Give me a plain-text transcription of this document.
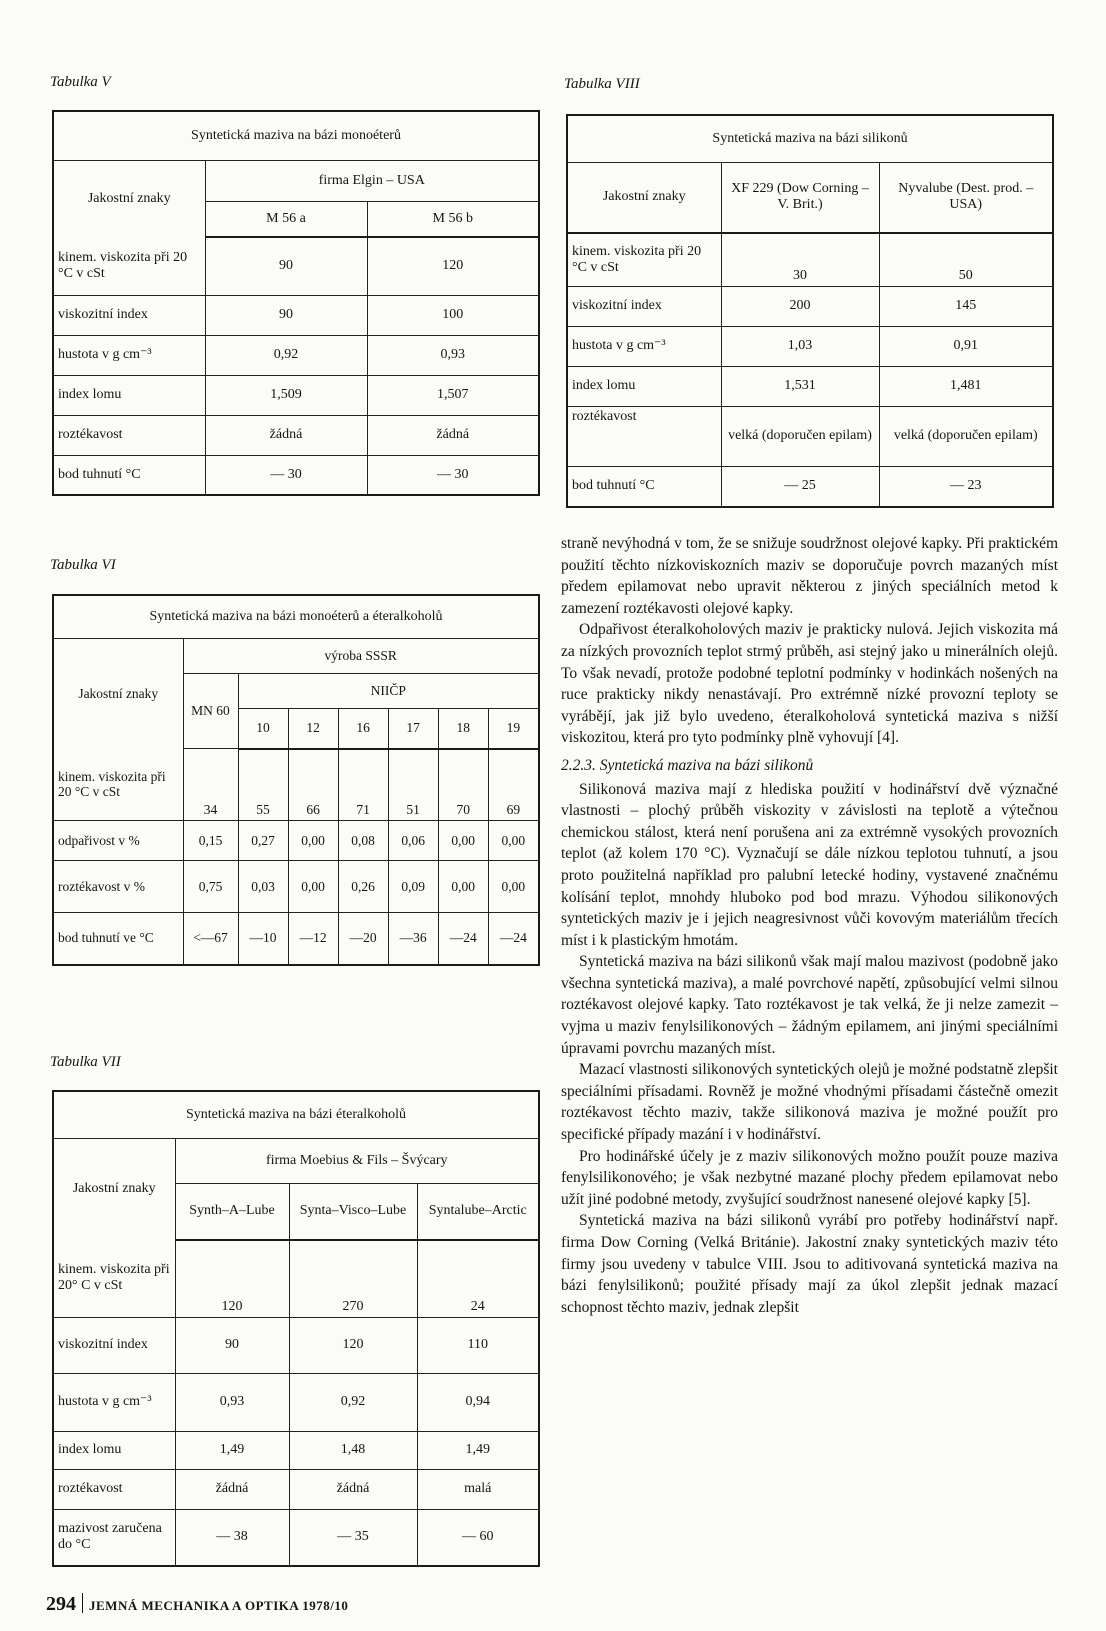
Tabulka V
Syntetická maziva na bázi monoéterů		
Jakostní znaky	firma Elgin – USA	
	M 56 a	M 56 b
kinem. viskozita při 20 °C v cSt	90	120
viskozitní index	90	100
hustota v g cm⁻³	0,92	0,93
index lomu	1,509	1,507
roztékavost	žádná	žádná
bod tuhnutí °C	— 30	— 30
Tabulka VI
Syntetická maziva na bázi monoéterů a éteralkoholů							
Jakostní znaky	výroba SSSR						
	MN 60	NIIČP					
		10	12	16	17	18	19
kinem. viskozita při 20 °C v cSt	34	55	66	71	51	70	69
odpařivost v %	0,15	0,27	0,00	0,08	0,06	0,00	0,00
roztékavost v %	0,75	0,03	0,00	0,26	0,09	0,00	0,00
bod tuhnutí ve °C	<—67	—10	—12	—20	—36	—24	—24
Tabulka VII
Syntetická maziva na bázi éteralkoholů			
Jakostní znaky	firma Moebius & Fils – Švýcary		
	Synth–A–Lube	Synta–Visco–Lube	Syntalube–Arctic
kinem. viskozita při 20° C v cSt	120	270	24
viskozitní index	90	120	110
hustota v g cm⁻³	0,93	0,92	0,94
index lomu	1,49	1,48	1,49
roztékavost	žádná	žádná	malá
mazivost zaručena do °C	— 38	— 35	— 60
Tabulka VIII
Syntetická maziva na bázi silikonů		
Jakostní znaky	XF 229 (Dow Corning – V. Brit.)	Nyvalube (Dest. prod. – USA)
kinem. viskozita při 20 °C v cSt	30	50
viskozitní index	200	145
hustota v g cm⁻³	1,03	0,91
index lomu	1,531	1,481
roztékavost	velká (doporučen epilam)	velká (doporučen epilam)
bod tuhnutí °C	— 25	— 23

straně nevýhodná v tom, že se snižuje soudržnost olejové kapky. Při praktickém použití těchto nízkoviskozních maziv se doporučuje povrch mazaných míst předem epilamovat nebo upravit některou z jiných speciálních metod k zamezení roztékavosti olejové kapky.

Odpařivost éteralkoholových maziv je prakticky nulová. Jejich viskozita má za nízkých provozních teplot strmý průběh, asi stejný jako u minerálních olejů. To však nevadí, protože podobné teplotní podmínky v hodinkách nošených na ruce prakticky nikdy nenastávají. Pro extrémně nízké provozní teploty se vyrábějí, jak již bylo uvedeno, éteralkoholová syntetická maziva s nižší viskozitou, která pro tyto podmínky plně vyhovují [4].

2.2.3. Syntetická maziva na bázi silikonů

Silikonová maziva mají z hlediska použití v hodinářství dvě význačné vlastnosti – plochý průběh viskozity v závislosti na teplotě a výtečnou chemickou stálost, která není porušena ani za extrémně vysokých provozních teplot (až kolem 170 °C). Vyznačují se dále nízkou teplotou tuhnutí, a jsou proto použitelná například pro palubní letecké hodiny, vystavené značnému kolísání teplot, mnohdy hluboko pod bod mrazu. Výhodou silikonových syntetických maziv je i jejich neagresivnost vůči kovovým materiálům třecích míst i k plastickým hmotám.

Syntetická maziva na bázi silikonů však mají malou mazivost (podobně jako všechna syntetická maziva), a malé povrchové napětí, způsobující velmi silnou roztékavost olejové kapky. Tato roztékavost je tak velká, že ji nelze zamezit – vyjma u maziv fenylsilikonových – žádným epilamem, ani jinými speciálními úpravami povrchu mazaných míst.

Mazací vlastnosti silikonových syntetických olejů je možné podstatně zlepšit speciálními přísadami. Rovněž je možné vhodnými přísadami částečně omezit roztékavost těchto maziv, takže silikonová maziva je možné použít pro specifické případy mazání i v hodinářství.

Pro hodinářské účely je z maziv silikonových možno použít pouze maziva fenylsilikonového; je však nezbytné mazané plochy předem epilamovat nebo užít jiné podobné metody, zvyšující soudržnost nanesené olejové kapky [5].

Syntetická maziva na bázi silikonů vyrábí pro potřeby hodinářství např. firma Dow Corning (Velká Británie). Jakostní znaky syntetických maziv této firmy jsou uvedeny v tabulce VIII. Jsou to aditivovaná syntetická maziva na bázi fenylsilikonů; použité přísady mají za úkol zlepšit jednak mazací schopnost těchto maziv, jednak zlepšit

294 JEMNÁ MECHANIKA A OPTIKA 1978/10
